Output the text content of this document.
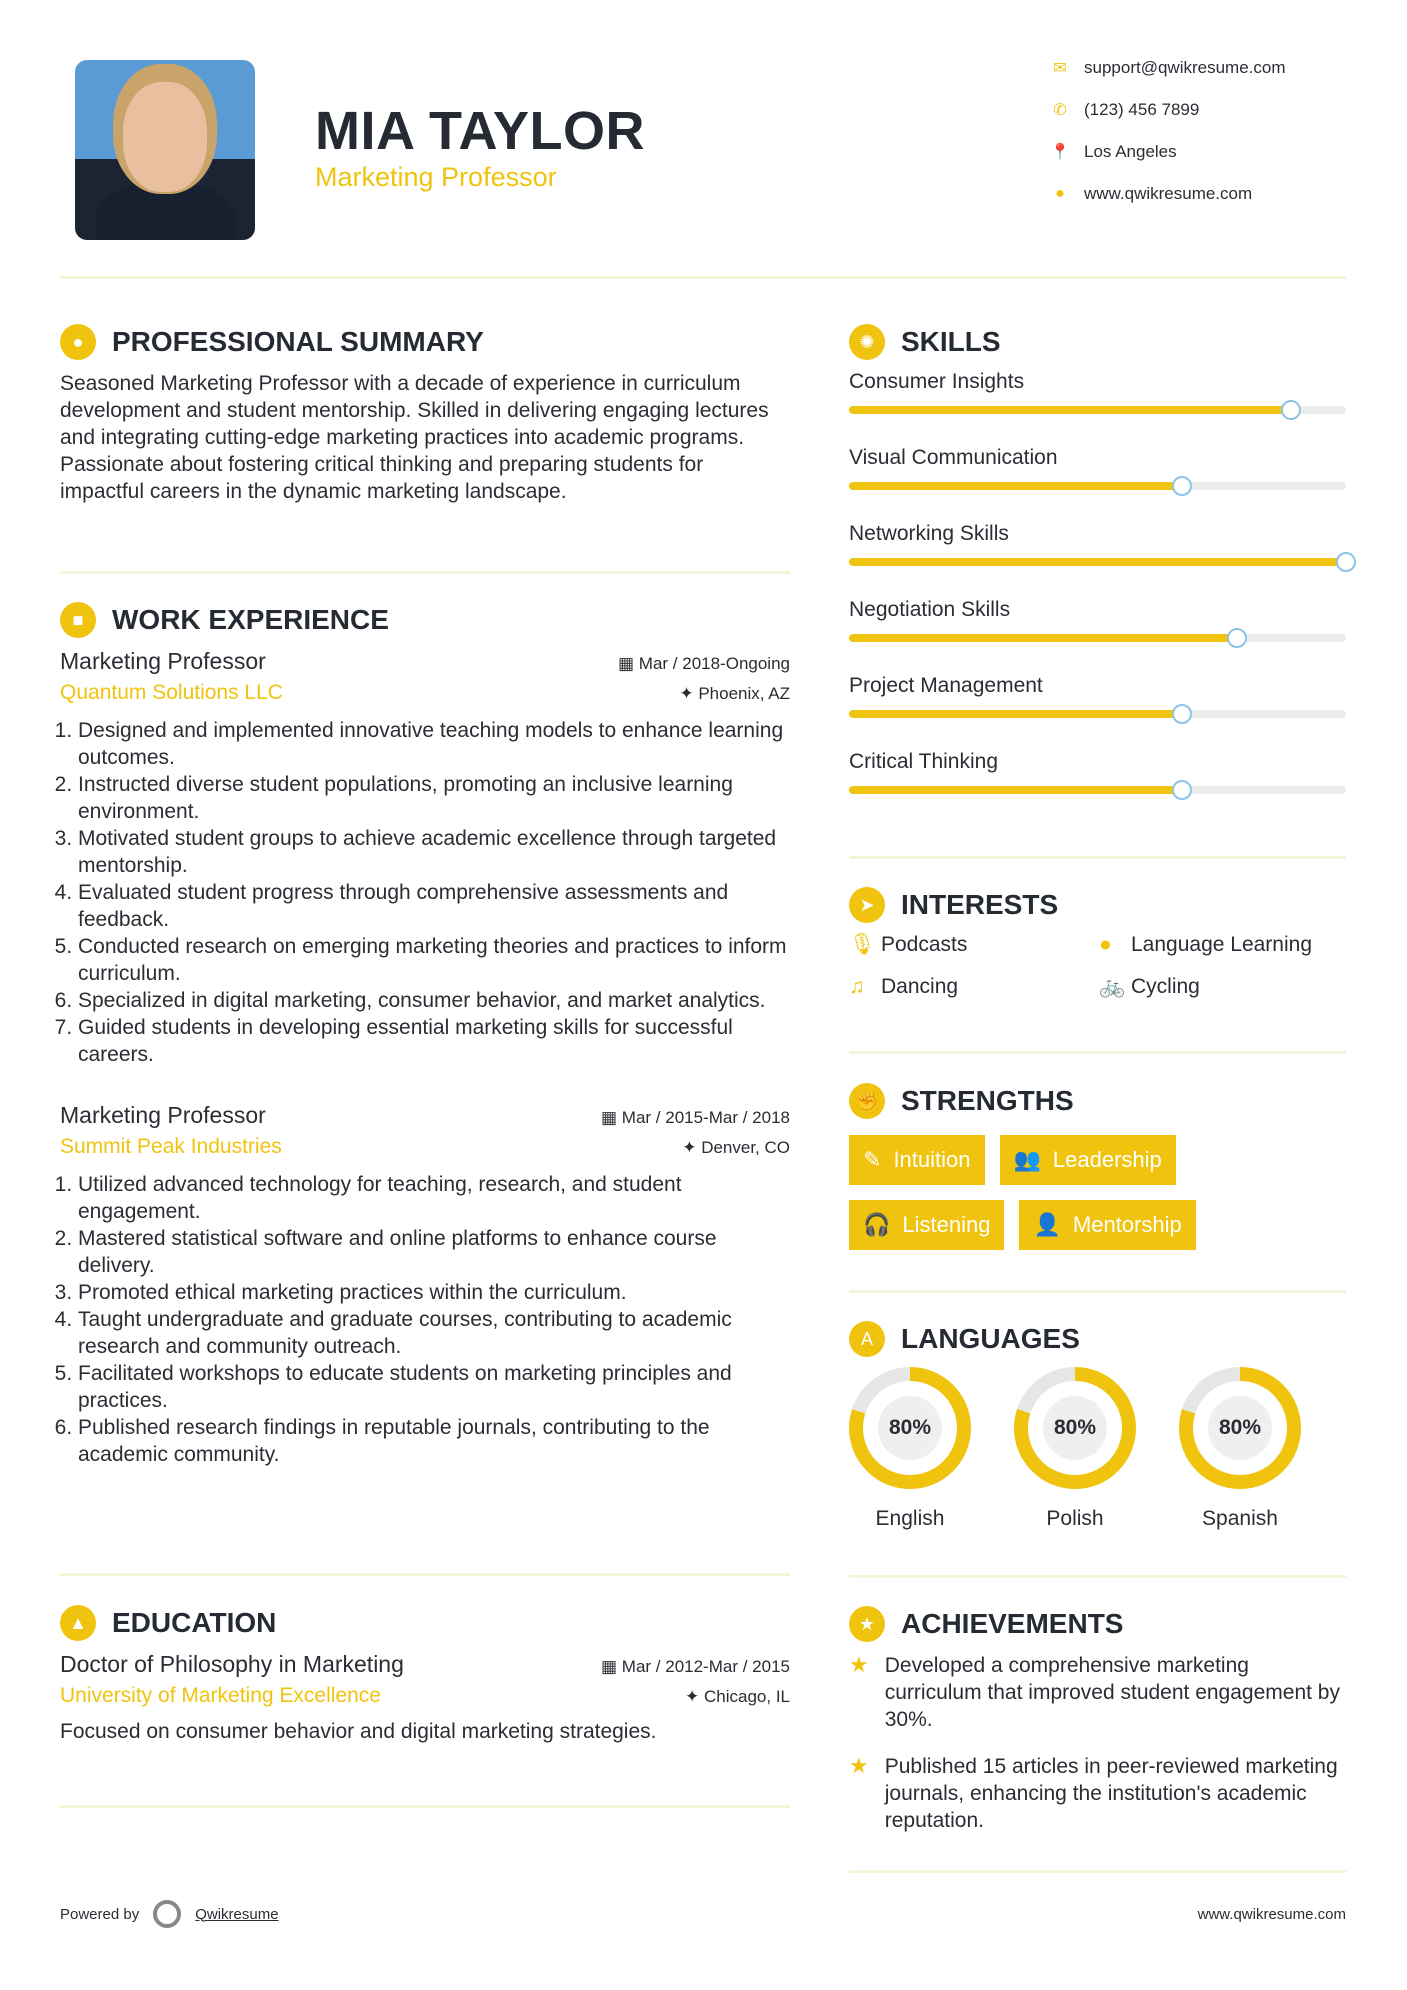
MIA TAYLOR
Marketing Professor
✉ support@qwikresume.com
✆ (123) 456 7899
📍 Los Angeles
●	www.qwikresume.com
●	PROFESSIONAL SUMMARY

Seasoned Marketing Professor with a decade of experience in curriculum development and student mentorship. Skilled in delivering engaging lectures and integrating cutting-edge marketing practices into academic programs. Passionate about fostering critical thinking and preparing students for impactful careers in the dynamic marketing landscape.

■	WORK EXPERIENCE
Marketing Professor	▦ Mar / 2018-Ongoing
Quantum Solutions LLC	✦ Phoenix, AZ
1. Designed and implemented innovative teaching models to enhance learning outcomes.
2. Instructed diverse student populations, promoting an inclusive learning environment.
3. Motivated student groups to achieve academic excellence through targeted mentorship.
4. Evaluated student progress through comprehensive assessments and feedback.
5. Conducted research on emerging marketing theories and practices to inform curriculum.
6. Specialized in digital marketing, consumer behavior, and market analytics.
7. Guided students in developing essential marketing skills for successful careers.
Marketing Professor	▦ Mar / 2015-Mar / 2018
Summit Peak Industries	✦ Denver, CO
1. Utilized advanced technology for teaching, research, and student engagement.
2. Mastered statistical software and online platforms to enhance course delivery.
3. Promoted ethical marketing practices within the curriculum.
4. Taught undergraduate and graduate courses, contributing to academic research and community outreach.
5. Facilitated workshops to educate students on marketing principles and practices.
6. Published research findings in reputable journals, contributing to the academic community.
▲ EDUCATION
Doctor of Philosophy in Marketing	▦ Mar / 2012-Mar / 2015
University of Marketing Excellence	✦ Chicago, IL

Focused on consumer behavior and digital marketing strategies.

✺ SKILLS
Consumer Insights
Visual Communication
Networking Skills
Negotiation Skills
Project Management
Critical Thinking
➤ INTERESTS
🎙 Podcasts	● Language Learning
♫ Dancing	🚲 Cycling
✊ STRENGTHS
✎ Intuition 👥 Leadership
🎧 Listening 👤 Mentorship
A	LANGUAGES
80%
English
80%
Polish
80%
Spanish
★ ACHIEVEMENTS
★ Developed a comprehensive marketing curriculum that improved student engagement by 30%.

★ Published 15 articles in peer-reviewed marketing journals, enhancing the institution's academic reputation.

Powered by	Qwikresume	www.qwikresume.com
